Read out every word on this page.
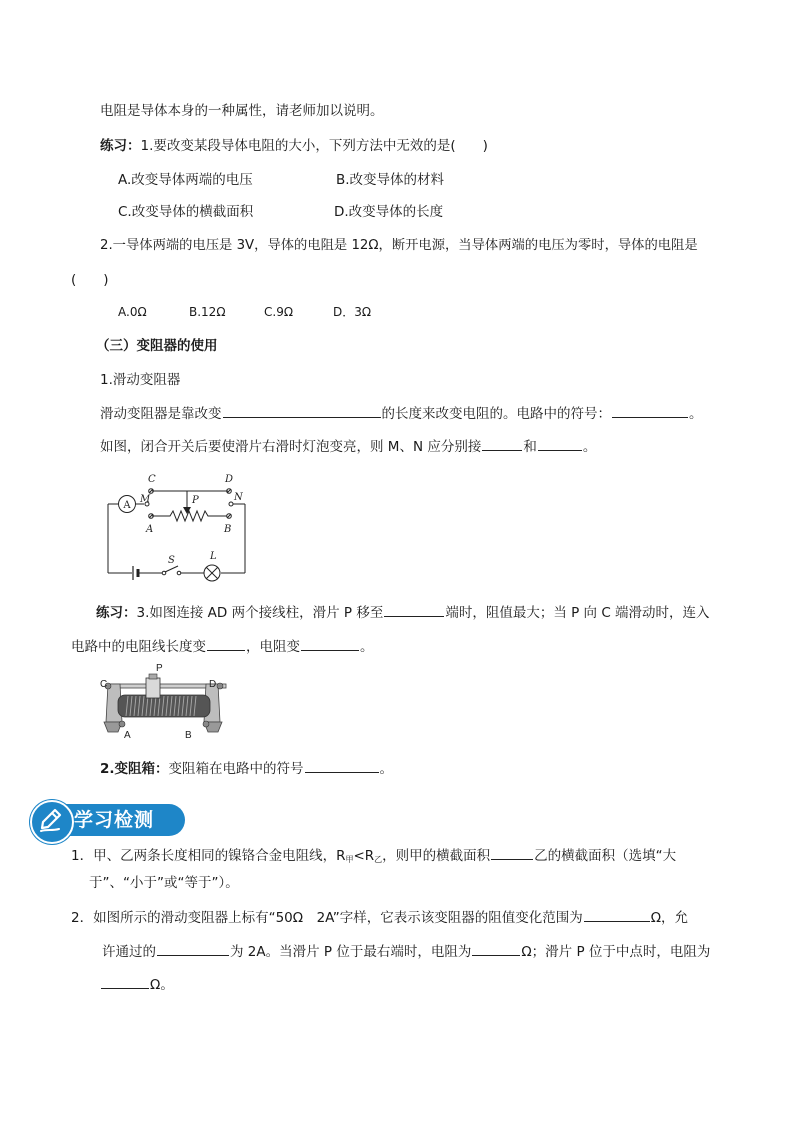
电阻是导体本身的一种属性，请老师加以说明。
练习：1.要改变某段导体电阻的大小，下列方法中无效的是(　　)
A.改变导体两端的电压	B.改变导体的材料
C.改变导体的横截面积	D.改变导体的长度
2.一导体两端的电压是 3V，导体的电阻是 12Ω，断开电源，当导体两端的电压为零时，导体的电阻是
(　　)
A.0Ω	B.12Ω	C.9Ω	D．3Ω
（三）变阻器的使用
1.滑动变阻器
滑动变阻器是靠改变	的长度来改变电阻的。电路中的符号：	。
如图，闭合开关后要使滑片右滑时灯泡变亮，则 M、N 应分别接	和	。
A
C	D
M	N
P
A	B
S	L
练习：3.如图连接 AD 两个接线柱，滑片 P 移至	端时，阻值最大；当 P 向 C 端滑动时，连入
电路中的电阻线长度变	，电阻变	。
P
C	D
A	B
2.变阻箱：变阻箱在电路中的符号	。
学习检测
1．甲、乙两条长度相同的镍铬合金电阻线，$R_甲<R_乙$，则甲的横截面积	乙的横截面积（选填“大
于”、“小于”或“等于”）。
2．如图所示的滑动变阻器上标有“50Ω　2A”字样，它表示该变阻器的阻值变化范围为	Ω，允
许通过的	为 2A。当滑片 P 位于最右端时，电阻为	Ω；滑片 P 位于中点时，电阻为
Ω。
